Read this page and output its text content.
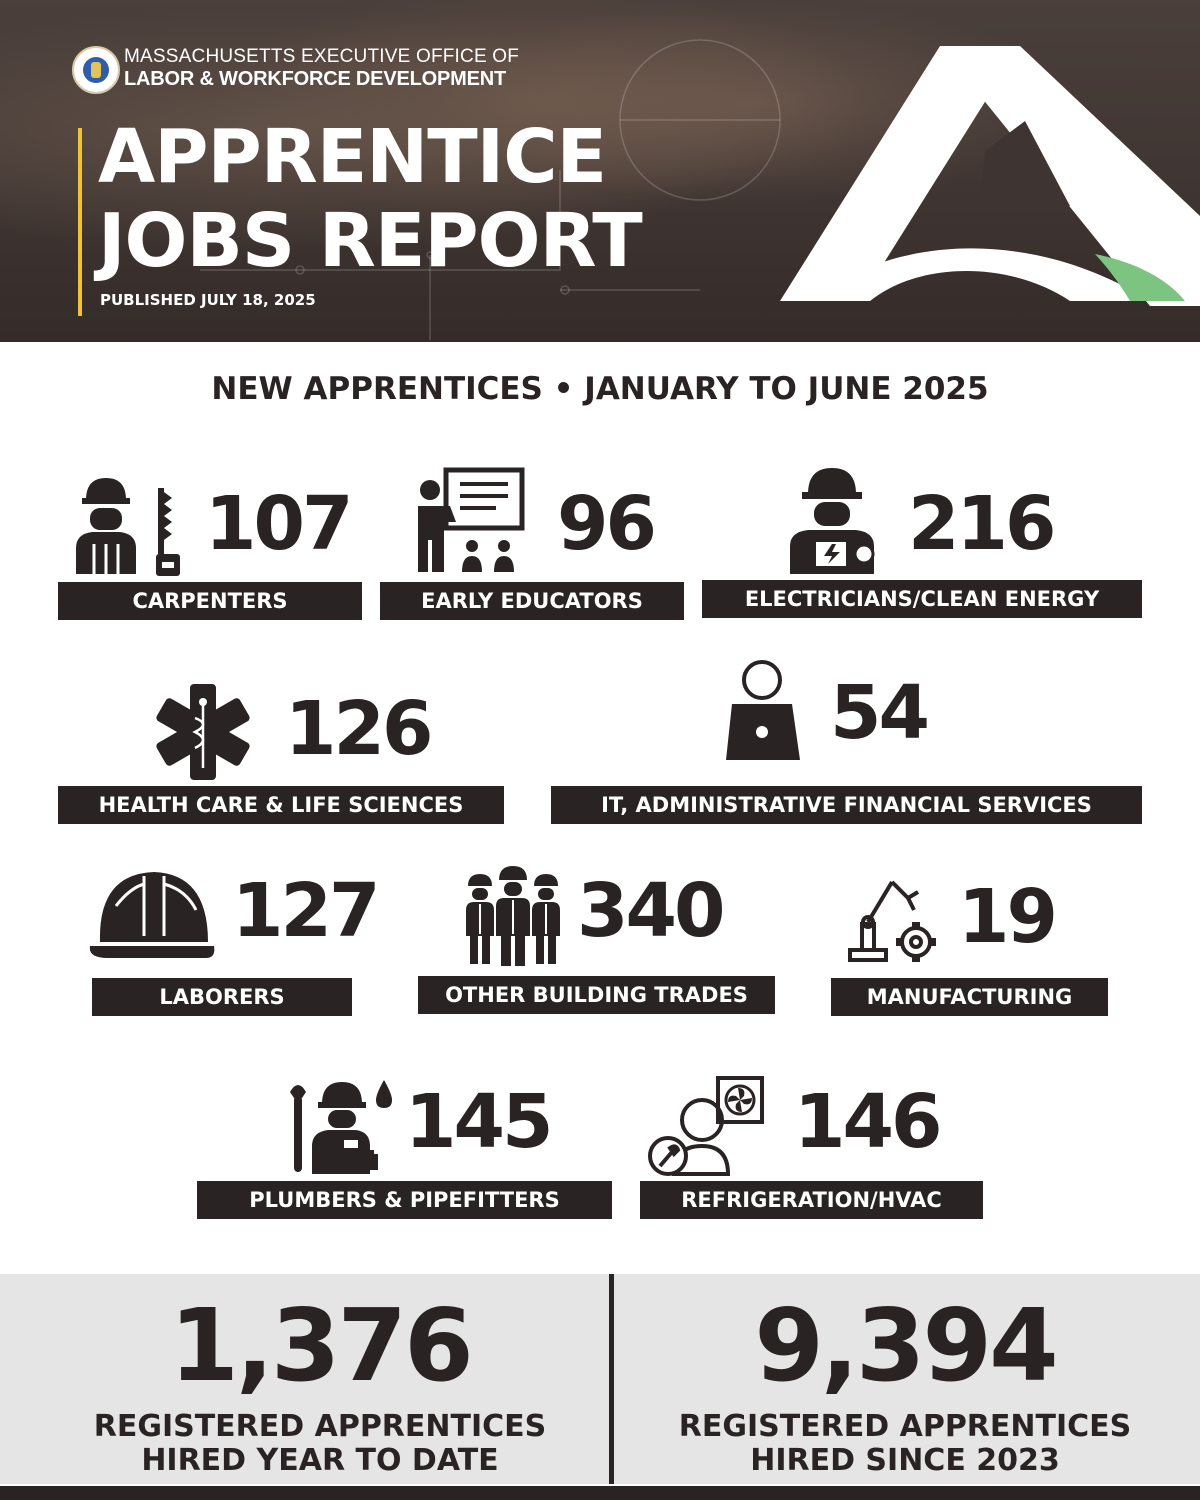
MASSACHUSETTS EXECUTIVE OFFICE OF
LABOR & WORKFORCE DEVELOPMENT
APPRENTICE
JOBS REPORT
PUBLISHED JULY 18, 2025
NEW APPRENTICES • JANUARY TO JUNE 2025
107
CARPENTERS
96
EARLY EDUCATORS
216
ELECTRICIANS/CLEAN ENERGY
126
HEALTH CARE & LIFE SCIENCES
54
IT, ADMINISTRATIVE FINANCIAL SERVICES
127
LABORERS
340
OTHER BUILDING TRADES
19
MANUFACTURING
145
PLUMBERS & PIPEFITTERS
146
REFRIGERATION/HVAC
1,376
REGISTERED APPRENTICES
HIRED YEAR TO DATE
9,394
REGISTERED APPRENTICES
HIRED SINCE 2023
